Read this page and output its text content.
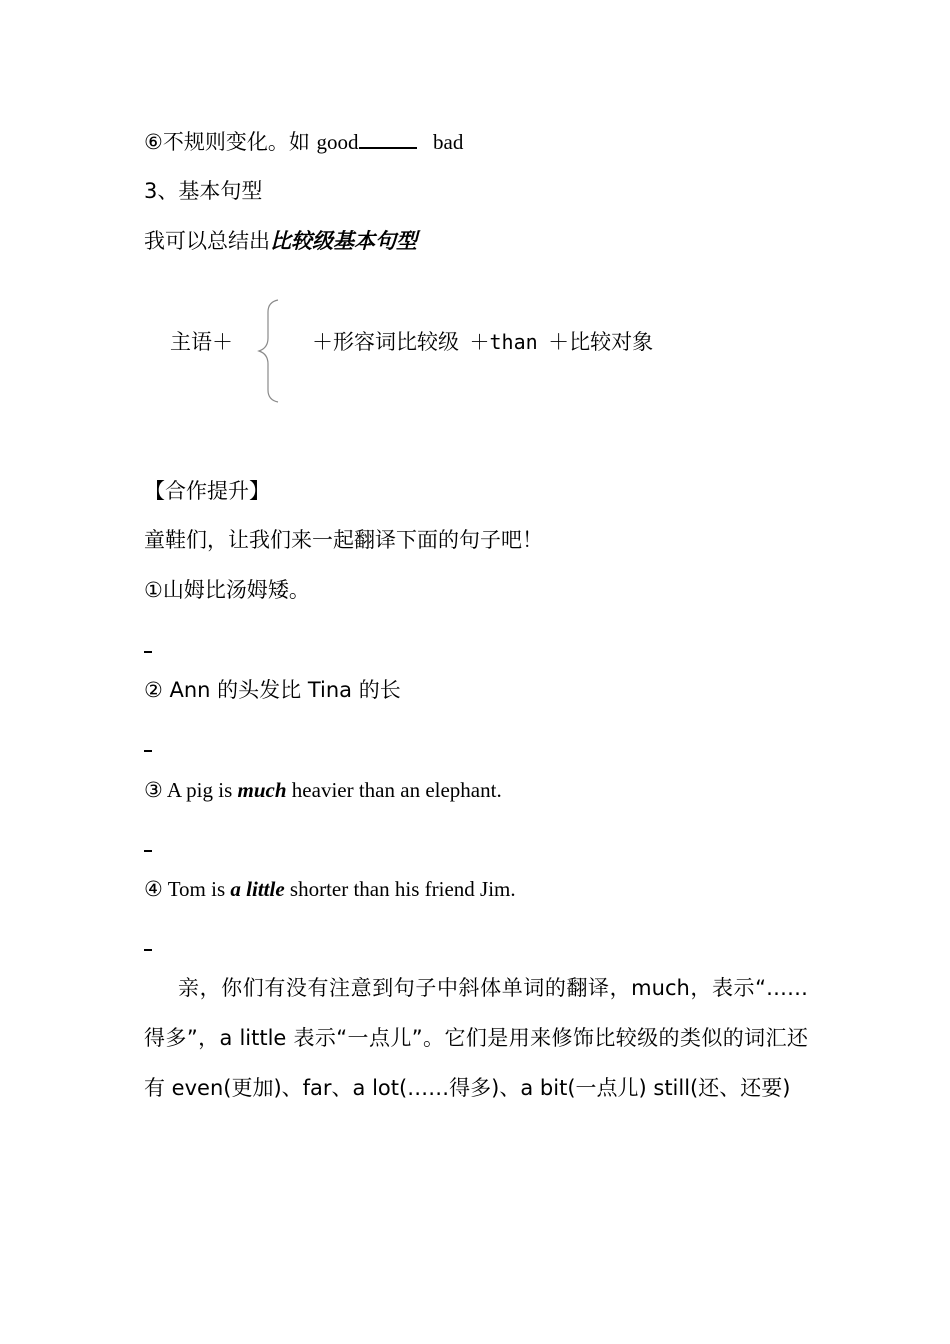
⑥不规则变化。如 good	bad
3、基本句型
我可以总结出比较级基本句型
主语＋	＋形容词比较级 ＋than ＋比较对象
【合作提升】
童鞋们，让我们来一起翻译下面的句子吧！
①山姆比汤姆矮。
② Ann 的头发比 Tina 的长
③ A pig is much heavier than an elephant.
④ Tom is a little shorter than his friend Jim.
亲，你们有没有注意到句子中斜体单词的翻译，much，表示“……得多”，a little 表示“一点儿”。它们是用来修饰比较级的类似的词汇还有 even(更加)、far、a lot(……得多)、a bit(一点儿) still(还、还要)
